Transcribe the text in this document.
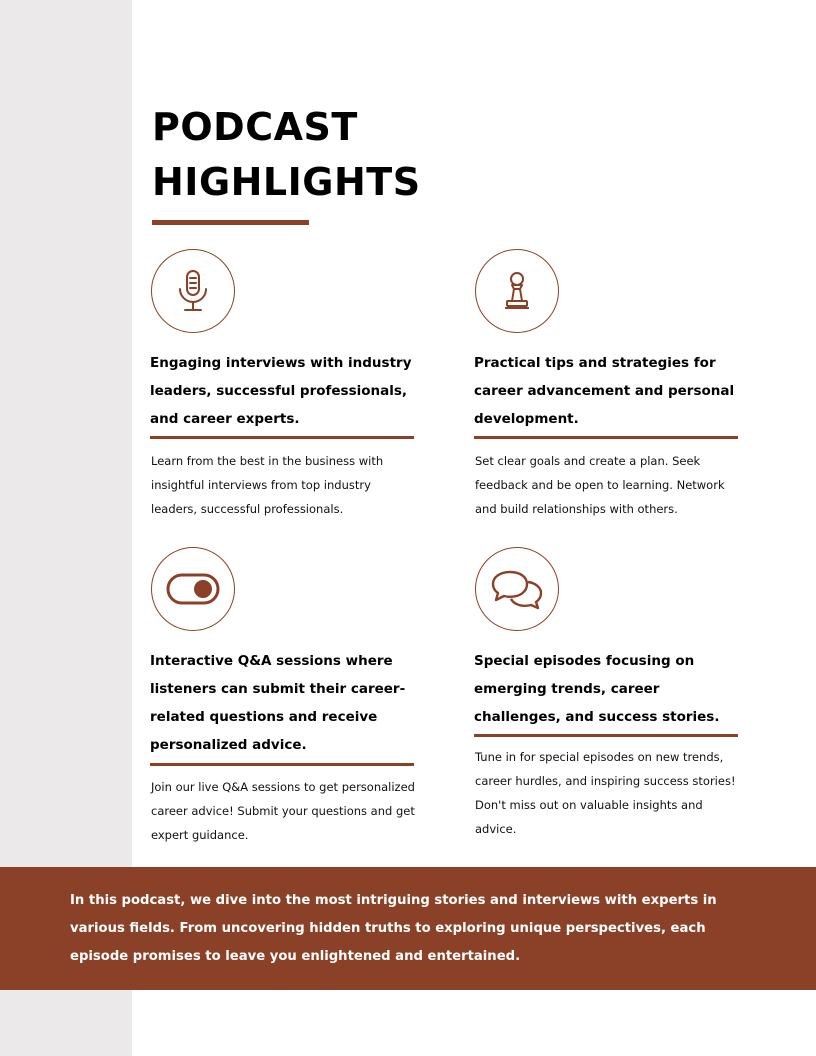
PODCAST
HIGHLIGHTS

Engaging interviews with industry leaders, successful professionals, and career experts.

Learn from the best in the business with insightful interviews from top industry leaders, successful professionals.

Practical tips and strategies for career advancement and personal development.

Set clear goals and create a plan. Seek feedback and be open to learning. Network and build relationships with others.

Interactive Q&A sessions where listeners can submit their career-related questions and receive personalized advice.

Join our live Q&A sessions to get personalized career advice! Submit your questions and get expert guidance.

Special episodes focusing on emerging trends, career challenges, and success stories.

Tune in for special episodes on new trends, career hurdles, and inspiring success stories! Don't miss out on valuable insights and advice.

In this podcast, we dive into the most intriguing stories and interviews with experts in various fields. From uncovering hidden truths to exploring unique perspectives, each episode promises to leave you enlightened and entertained.
